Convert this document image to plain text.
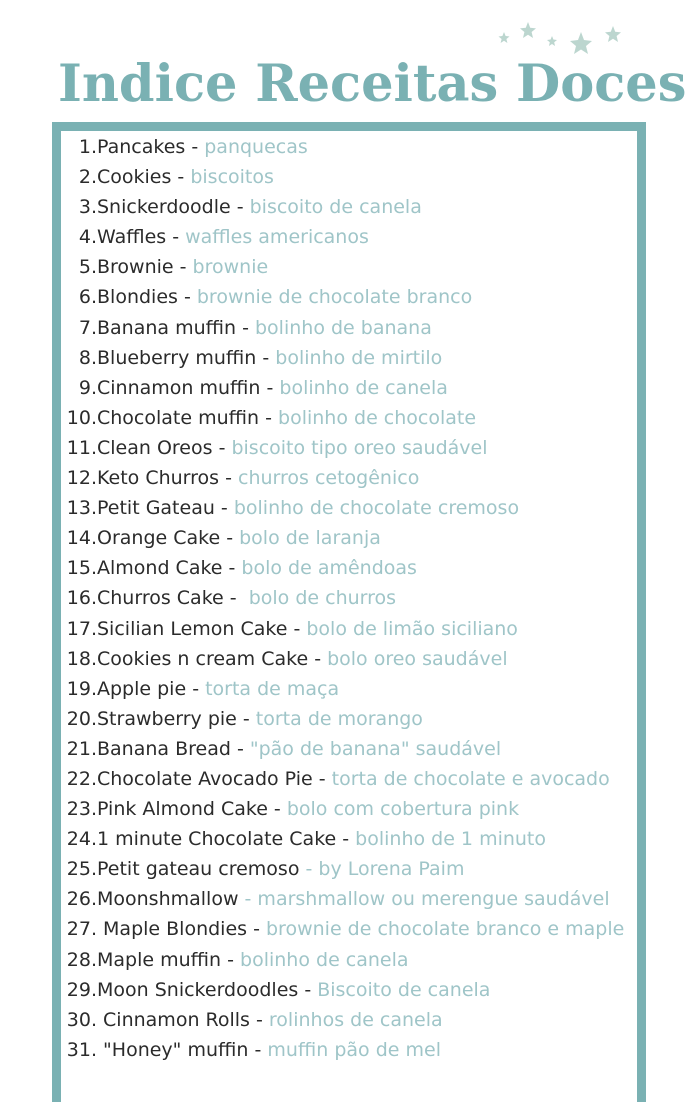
Indice Receitas Doces
1.Pancakes - panquecas
2.Cookies - biscoitos
3.Snickerdoodle - biscoito de canela
4.Waffles - waffles americanos
5.Brownie - brownie
6.Blondies - brownie de chocolate branco
7.Banana muffin - bolinho de banana
8.Blueberry muffin - bolinho de mirtilo
9.Cinnamon muffin - bolinho de canela
10.Chocolate muffin - bolinho de chocolate
11.Clean Oreos - biscoito tipo oreo saudável
12.Keto Churros - churros cetogênico
13.Petit Gateau - bolinho de chocolate cremoso
14.Orange Cake - bolo de laranja
15.Almond Cake - bolo de amêndoas
16.Churros Cake -  bolo de churros
17.Sicilian Lemon Cake - bolo de limão siciliano
18.Cookies n cream Cake - bolo oreo saudável
19.Apple pie - torta de maça
20.Strawberry pie - torta de morango
21.Banana Bread - "pão de banana" saudável
22.Chocolate Avocado Pie - torta de chocolate e avocado
23.Pink Almond Cake - bolo com cobertura pink
24.1 minute Chocolate Cake - bolinho de 1 minuto
25.Petit gateau cremoso - by Lorena Paim
26.Moonshmallow - marshmallow ou merengue saudável
27. Maple Blondies - brownie de chocolate branco e maple
28.Maple muffin - bolinho de canela
29.Moon Snickerdoodles - Biscoito de canela
30. Cinnamon Rolls - rolinhos de canela
31. "Honey" muffin - muffin pão de mel
